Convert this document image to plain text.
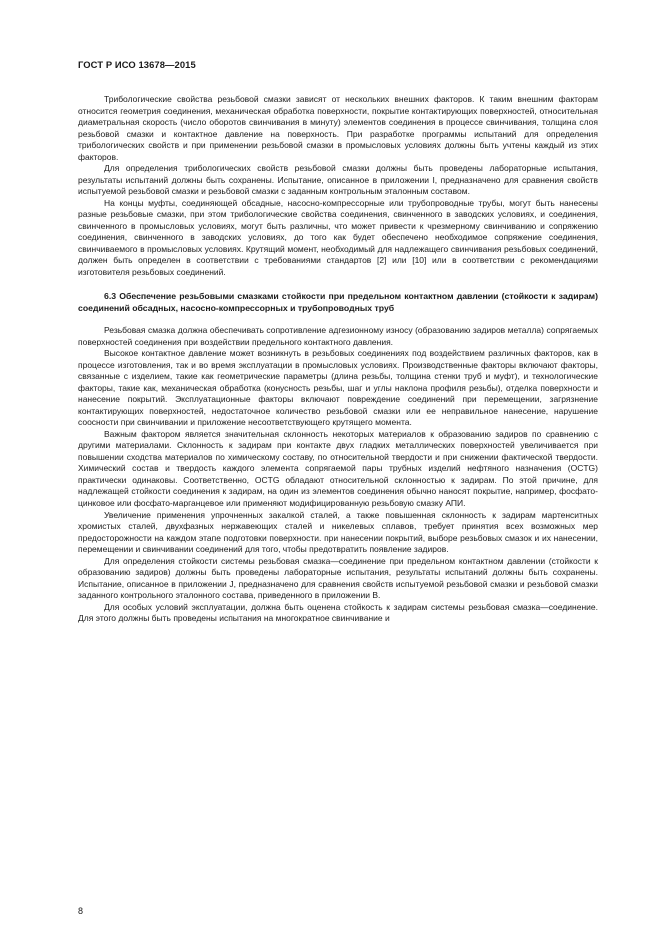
ГОСТ Р ИСО 13678—2015

Трибологические свойства резьбовой смазки зависят от нескольких внешних факторов. К таким внешним факторам относится геометрия соединения, механическая обработка поверхности, покрытие контактирующих поверхностей, относительная диаметральная скорость (число оборотов свинчивания в минуту) элементов соединения в процессе свинчивания, толщина слоя резьбовой смазки и контактное давление на поверхность. При разработке программы испытаний для определения трибологических свойств и при применении резьбовой смазки в промысловых условиях должны быть учтены каждый из этих факторов.

Для определения трибологических свойств резьбовой смазки должны быть проведены лабораторные испытания, результаты испытаний должны быть сохранены. Испытание, описанное в приложении I, предназначено для сравнения свойств испытуемой резьбовой смазки и резьбовой смазки с заданным контрольным эталонным составом.

На концы муфты, соединяющей обсадные, насосно-компрессорные или трубопроводные трубы, могут быть нанесены разные резьбовые смазки, при этом трибологические свойства соединения, свинченного в заводских условиях, и соединения, свинченного в промысловых условиях, могут быть различны, что может привести к чрезмерному свинчиванию и сопряжению соединения, свинченного в заводских условиях, до того как будет обеспечено необходимое сопряжение соединения, свинчиваемого в промысловых условиях. Крутящий момент, необходимый для надлежащего свинчивания резьбовых соединений, должен быть определен в соответствии с требованиями стандартов [2] или [10] или в соответствии с рекомендациями изготовителя резьбовых соединений.

6.3 Обеспечение резьбовыми смазками стойкости при предельном контактном давлении (стойкости к задирам) соединений обсадных, насосно-компрессорных и трубопроводных труб

Резьбовая смазка должна обеспечивать сопротивление адгезионному износу (образованию задиров металла) сопрягаемых поверхностей соединения при воздействии предельного контактного давления.

Высокое контактное давление может возникнуть в резьбовых соединениях под воздействием различных факторов, как в процессе изготовления, так и во время эксплуатации в промысловых условиях. Производственные факторы включают факторы, связанные с изделием, такие как геометрические параметры (длина резьбы, толщина стенки труб и муфт), и технологические факторы, такие как, механическая обработка (конусность резьбы, шаг и углы наклона профиля резьбы), отделка поверхности и нанесение покрытий. Эксплуатационные факторы включают повреждение соединений при перемещении, загрязнение контактирующих поверхностей, недостаточное количество резьбовой смазки или ее неправильное нанесение, нарушение соосности при свинчивании и приложение несоответствующего крутящего момента.

Важным фактором является значительная склонность некоторых материалов к образованию задиров по сравнению с другими материалами. Склонность к задирам при контакте двух гладких металлических поверхностей увеличивается при повышении сходства материалов по химическому составу, по относительной твердости и при снижении фактической твердости. Химический состав и твердость каждого элемента сопрягаемой пары трубных изделий нефтяного назначения (OCTG) практически одинаковы. Соответственно, OCTG обладают относительной склонностью к задирам. По этой причине, для надлежащей стойкости соединения к задирам, на один из элементов соединения обычно наносят покрытие, например, фосфато-цинковое или фосфато-марганцевое или применяют модифицированную резьбовую смазку АПИ.

Увеличение применения упрочненных закалкой сталей, а также повышенная склонность к задирам мартенситных хромистых сталей, двухфазных нержавеющих сталей и никелевых сплавов, требует принятия всех возможных мер предосторожности на каждом этапе подготовки поверхности. при нанесении покрытий, выборе резьбовых смазок и их нанесении, перемещении и свинчивании соединений для того, чтобы предотвратить появление задиров.

Для определения стойкости системы резьбовая смазка—соединение при предельном контактном давлении (стойкости к образованию задиров) должны быть проведены лабораторные испытания, результаты испытаний должны быть сохранены. Испытание, описанное в приложении J, предназначено для сравнения свойств испытуемой резьбовой смазки и резьбовой смазки заданного контрольного эталонного состава, приведенного в приложении B.

Для особых условий эксплуатации, должна быть оценена стойкость к задирам системы резьбовая смазка—соединение. Для этого должны быть проведены испытания на многократное свинчивание и

8
